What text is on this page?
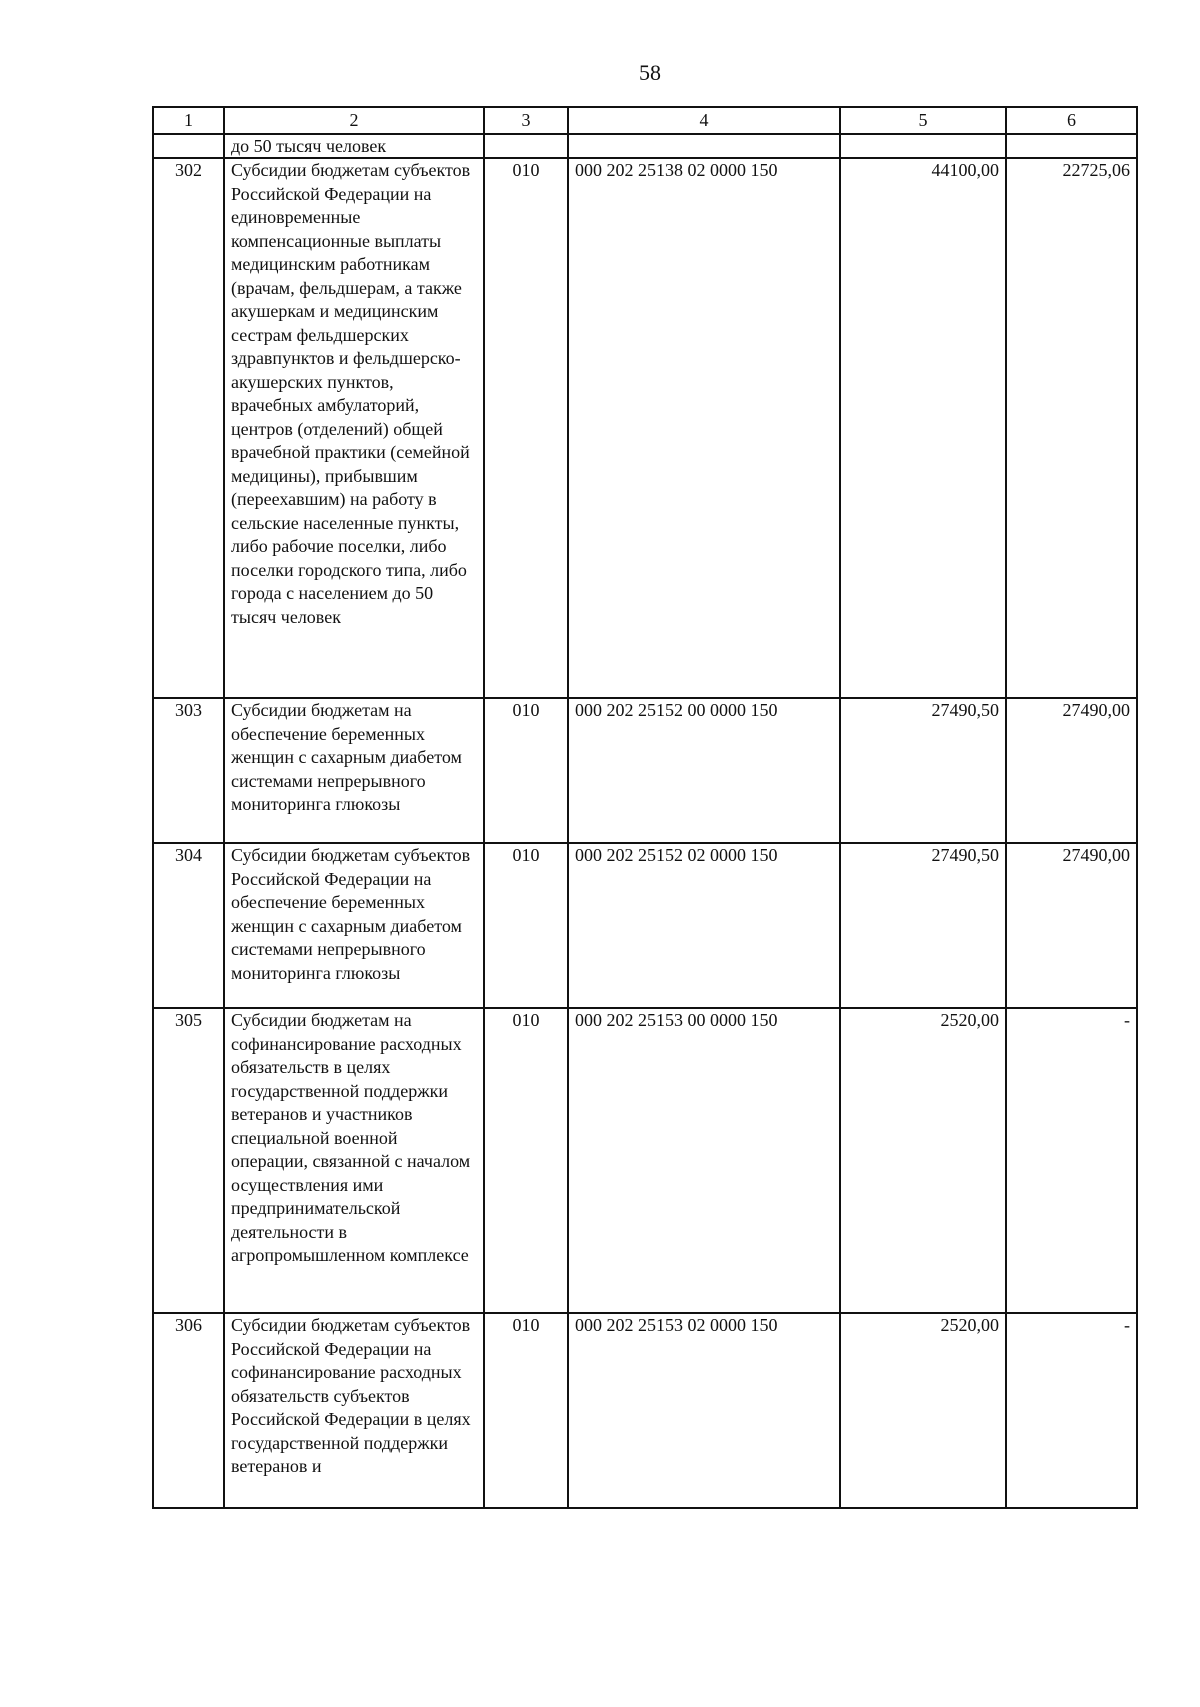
58
1	2	3	4	5	6
	до 50 тысяч человек				
302	Субсидии бюджетам субъектов Российской Федерации на единовременные компенсационные выплаты медицинским работникам (врачам, фельдшерам, а также акушеркам и медицинским сестрам фельдшерских здравпунктов и фельдшерско-акушерских пунктов, врачебных амбулаторий, центров (отделений) общей врачебной практики (семейной медицины), прибывшим (переехавшим) на работу в сельские населенные пункты, либо рабочие поселки, либо поселки городского типа, либо города с населением до 50 тысяч человек	010	000 202 25138 02 0000 150	44100,00	22725,06
303	Субсидии бюджетам на обеспечение беременных женщин с сахарным диабетом системами непрерывного мониторинга глюкозы	010	000 202 25152 00 0000 150	27490,50	27490,00
304	Субсидии бюджетам субъектов Российской Федерации на обеспечение беременных женщин с сахарным диабетом системами непрерывного мониторинга глюкозы	010	000 202 25152 02 0000 150	27490,50	27490,00
305	Субсидии бюджетам на софинансирование расходных обязательств в целях государственной поддержки ветеранов и участников специальной военной операции, связанной с началом осуществления ими предпринимательской деятельности в агропромышленном комплексе	010	000 202 25153 00 0000 150	2520,00	-
306	Субсидии бюджетам субъектов Российской Федерации на софинансирование расходных обязательств субъектов Российской Федерации в целях государственной поддержки ветеранов и	010	000 202 25153 02 0000 150	2520,00	-
